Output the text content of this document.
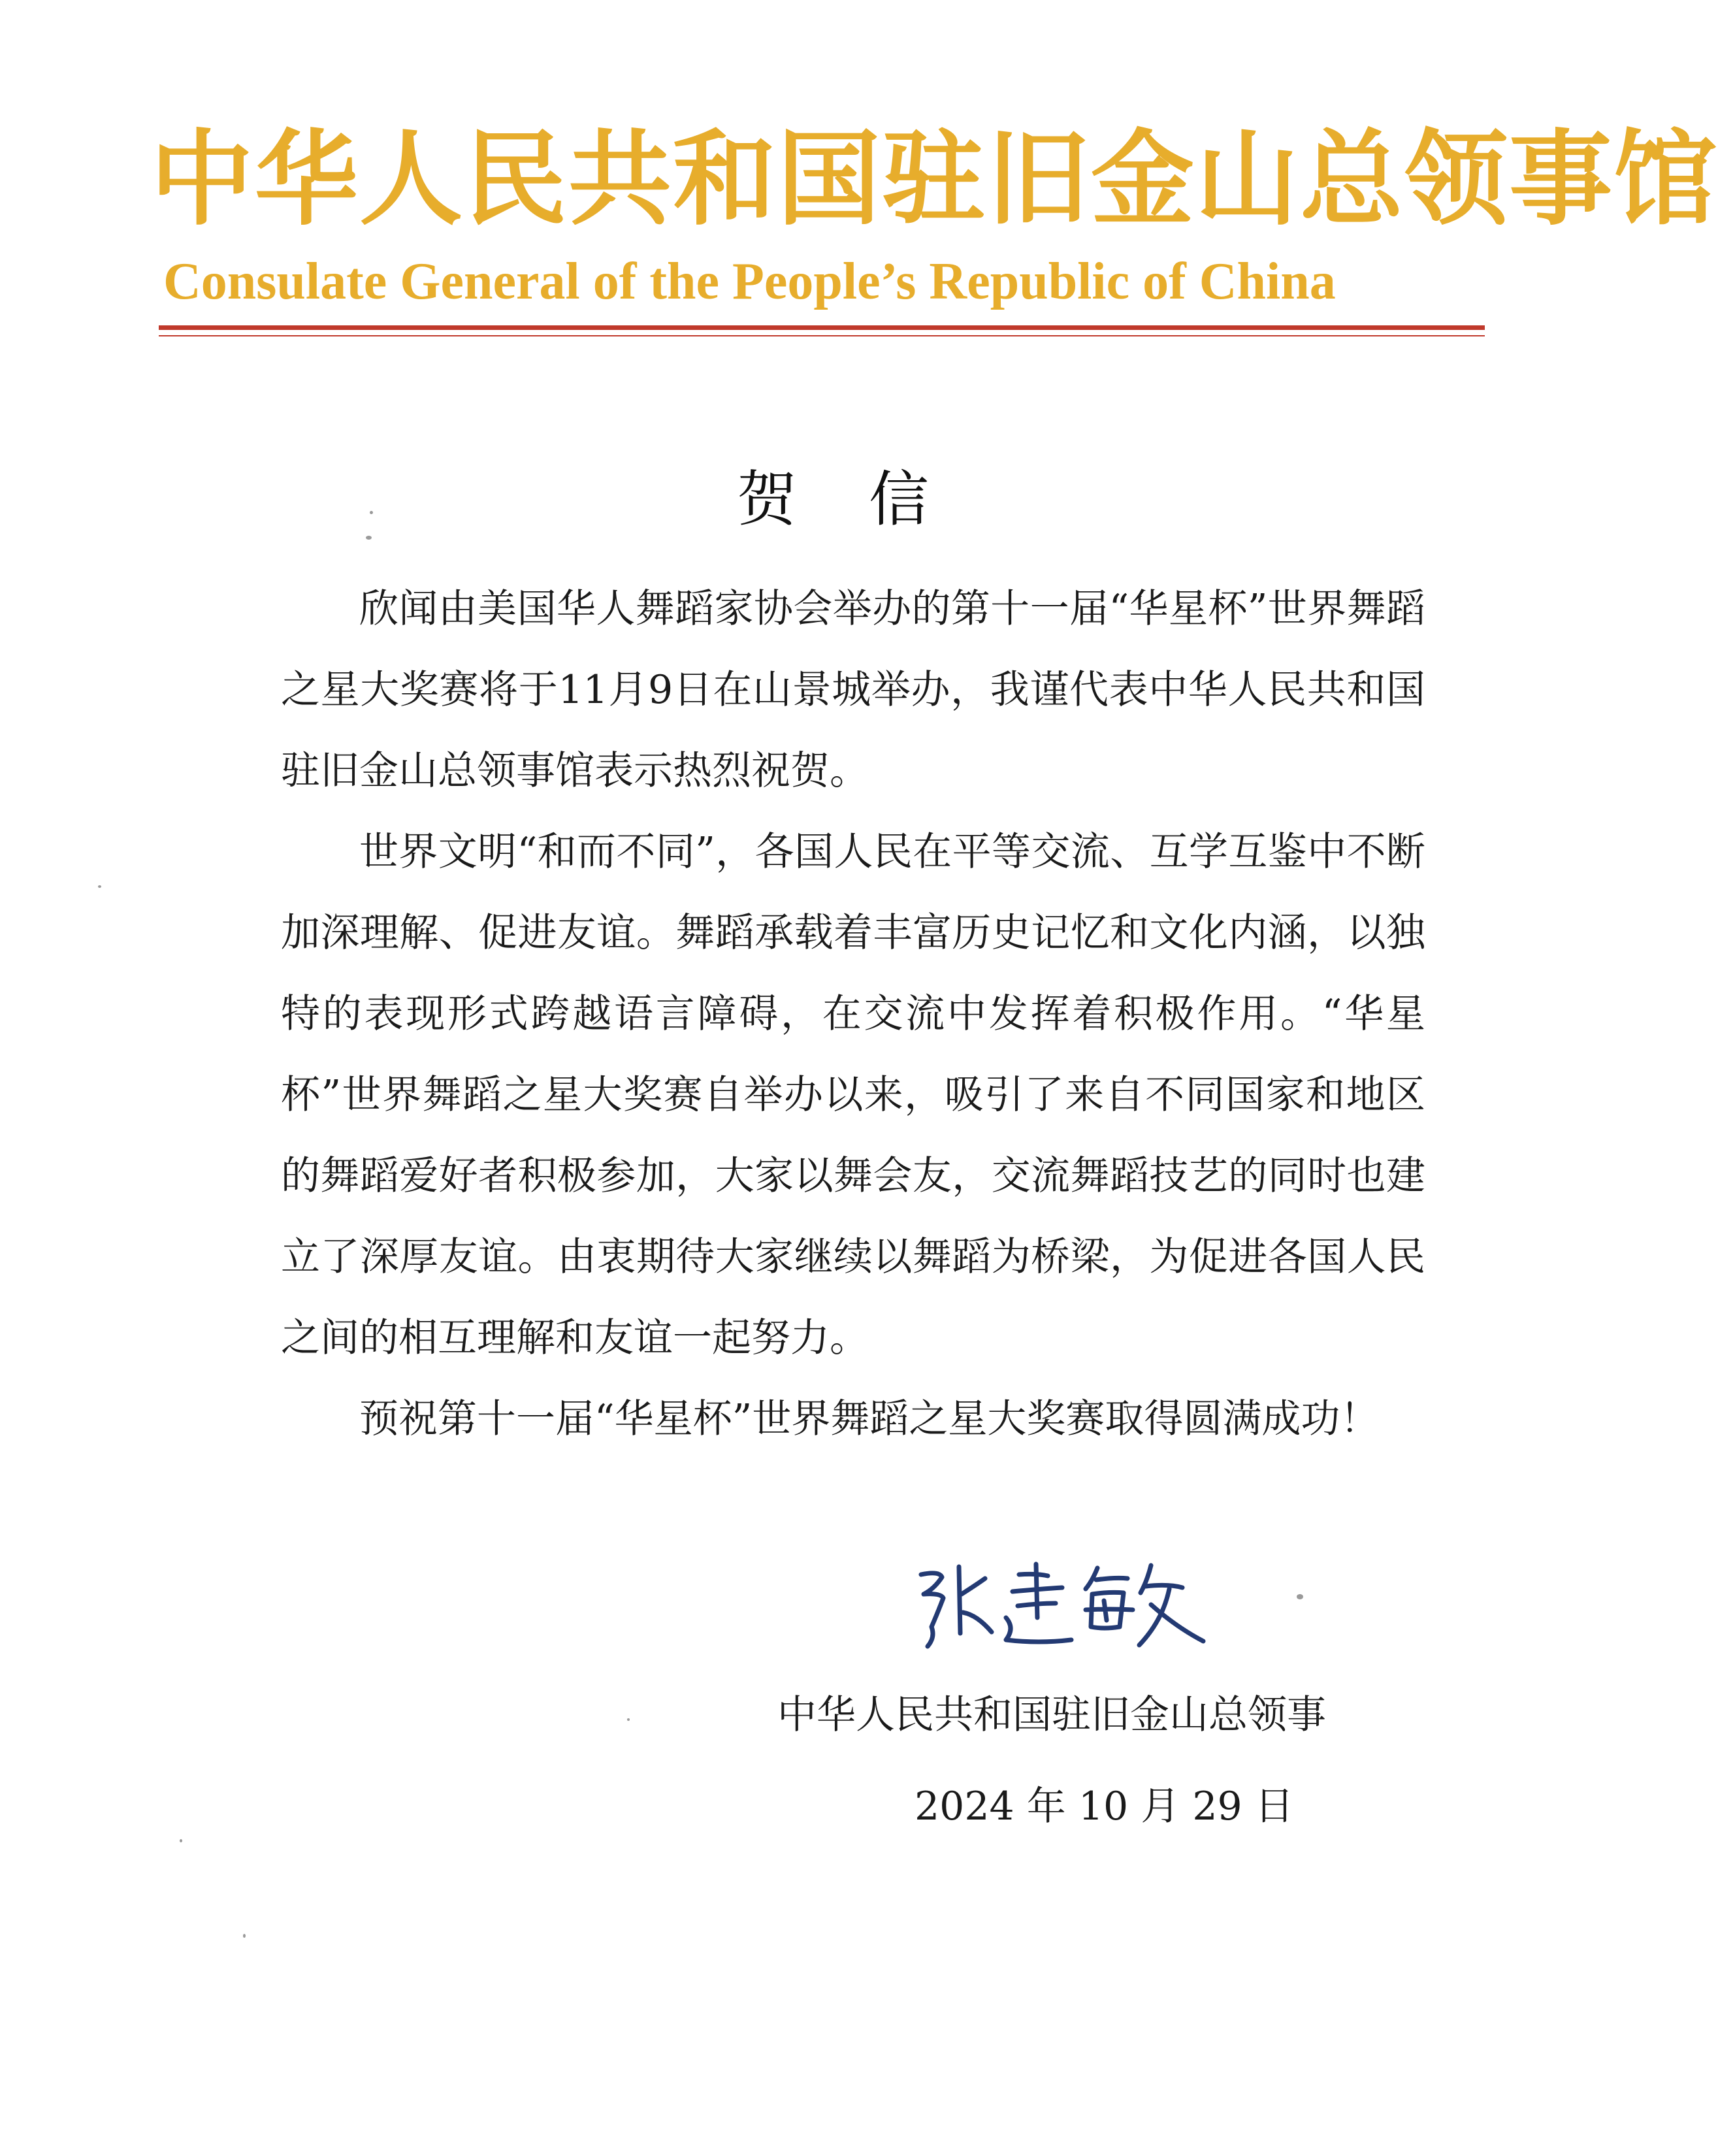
中华人民共和国驻旧金山总领事馆
Consulate General of the People’s Republic of China
贺信

欣闻由美国华人舞蹈家协会举办的第十一届“华星杯”世界舞蹈之星大奖赛将于11月9日在山景城举办，我谨代表中华人民共和国驻旧金山总领事馆表示热烈祝贺。

世界文明“和而不同”，各国人民在平等交流、互学互鉴中不断加深理解、促进友谊。舞蹈承载着丰富历史记忆和文化内涵，以独特的表现形式跨越语言障碍，在交流中发挥着积极作用。“华星杯”世界舞蹈之星大奖赛自举办以来，吸引了来自不同国家和地区的舞蹈爱好者积极参加，大家以舞会友，交流舞蹈技艺的同时也建立了深厚友谊。由衷期待大家继续以舞蹈为桥梁，为促进各国人民之间的相互理解和友谊一起努力。

预祝第十一届“华星杯”世界舞蹈之星大奖赛取得圆满成功！

中华人民共和国驻旧金山总领事
2024 年 10 月 29 日
